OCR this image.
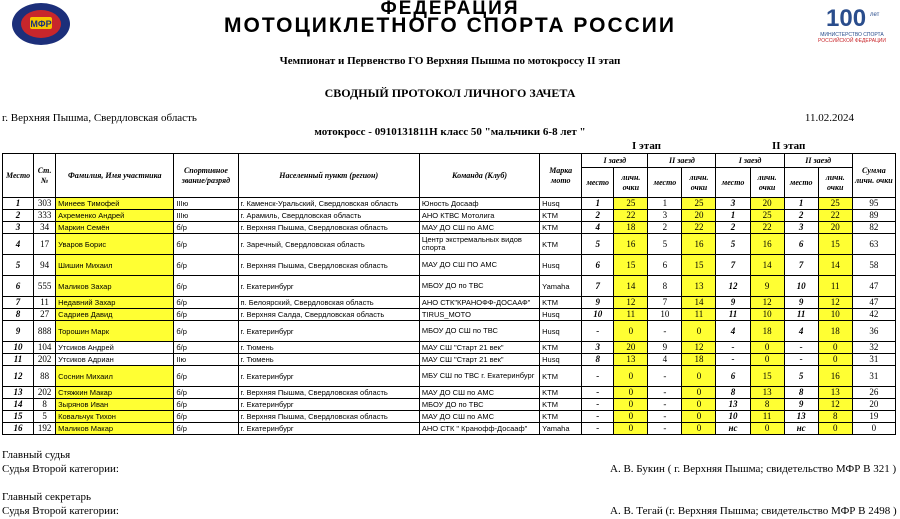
МФР	100 лет
МИНИСТЕРСТВО СПОРТА
РОССИЙСКОЙ ФЕДЕРАЦИИ
ФЕДЕРАЦИЯ
МОТОЦИКЛЕТНОГО СПОРТА РОССИИ
Чемпионат и Первенство ГО Верхняя Пышма по мотокроссу II этап
СВОДНЫЙ ПРОТОКОЛ ЛИЧНОГО ЗАЧЕТА
г. Верхняя Пышма, Свердловская область	11.02.2024
мотокросс - 0910131811Н класс 50 "мальчики 6-8 лет "
I этап	II этап
Место	Ст. №	Фамилия, Имя участника	Спортивное звание/разряд	Населенный пункт (регион)	Команда (Клуб)	Марка мото	I заезд		II заезд		I заезд		II заезд		Сумма личн. очки
							место	личн. очки	место	личн. очки	место	личн. очки	место	личн. очки	
1	303	Минеев Тимофей	IIIю	г. Каменск-Уральский, Свердловская область	Юность Досааф	Husq	1	25	1	25	3	20	1	25	95
2	333	Ахременко Андрей	IIIю	г. Арамиль, Свердловская область	АНО КТВС Мотолига	KTM	2	22	3	20	1	25	2	22	89
3	34	Маркин Семён	б/р	г. Верхняя Пышма, Свердловская область	МАУ ДО СШ по АМС	KTM	4	18	2	22	2	22	3	20	82
4	17	Уваров Борис	б/р	г. Заречный, Свердловская область	Центр экстремальных видов спорта	KTM	5	16	5	16	5	16	6	15	63
5	94	Шишин Михаил	б/р	г. Верхняя Пышма, Свердловская область	МАУ ДО СШ ПО АМС	Husq	6	15	6	15	7	14	7	14	58
6	555	Маликов Захар	б/р	г. Екатеринбург	МБОУ ДО по ТВС	Yamaha	7	14	8	13	12	9	10	11	47
7	11	Недавний Захар	б/р	п. Белоярский, Свердловская область	АНО СТК"КРАНОФФ-ДОСААФ"	KTM	9	12	7	14	9	12	9	12	47
8	27	Садриев Давид	б/р	г. Верхняя Салда, Свердловская область	TIRUS_MOTO	Husq	10	11	10	11	11	10	11	10	42
9	888	Торошин Марк	б/р	г. Екатеринбург	МБОУ ДО СШ по ТВС	Husq	-	0	-	0	4	18	4	18	36
10	104	Утсиков Андрей	б/р	г. Тюмень	МАУ СШ "Старт 21 век"	KTM	3	20	9	12	-	0	-	0	32
11	202	Утсиков Адриан	IIю	г. Тюмень	МАУ СШ "Старт 21 век"	Husq	8	13	4	18	-	0	-	0	31
12	88	Соснин Михаил	б/р	г. Екатеринбург	МБУ СШ по ТВС г. Екатеринбург	KTM	-	0	-	0	6	15	5	16	31
13	202	Стяжкин Макар	б/р	г. Верхняя Пышма, Свердловская область	МАУ ДО СШ по АМС	KTM	-	0	-	0	8	13	8	13	26
14	8	Зырянов Иван	б/р	г. Екатеринбург	МБОУ ДО по ТВС	KTM	-	0	-	0	13	8	9	12	20
15	5	Ковальчук Тихон	б/р	г. Верхняя Пышма, Свердловская область	МАУ ДО СШ по АМС	KTM	-	0	-	0	10	11	13	8	19
16	192	Маликов Макар	б/р	г. Екатеринбург	АНО СТК " Кранофф-Досааф"	Yamaha	-	0	-	0	нс	0	нс	0	0
Главный судья
Судья Второй категории:	А. В. Букин ( г. Верхняя Пышма; свидетельство МФР В 321 )
Главный секретарь
Судья Второй категории:	А. В. Тегай (г. Верхняя Пышма; свидетельство МФР В 2498 )
